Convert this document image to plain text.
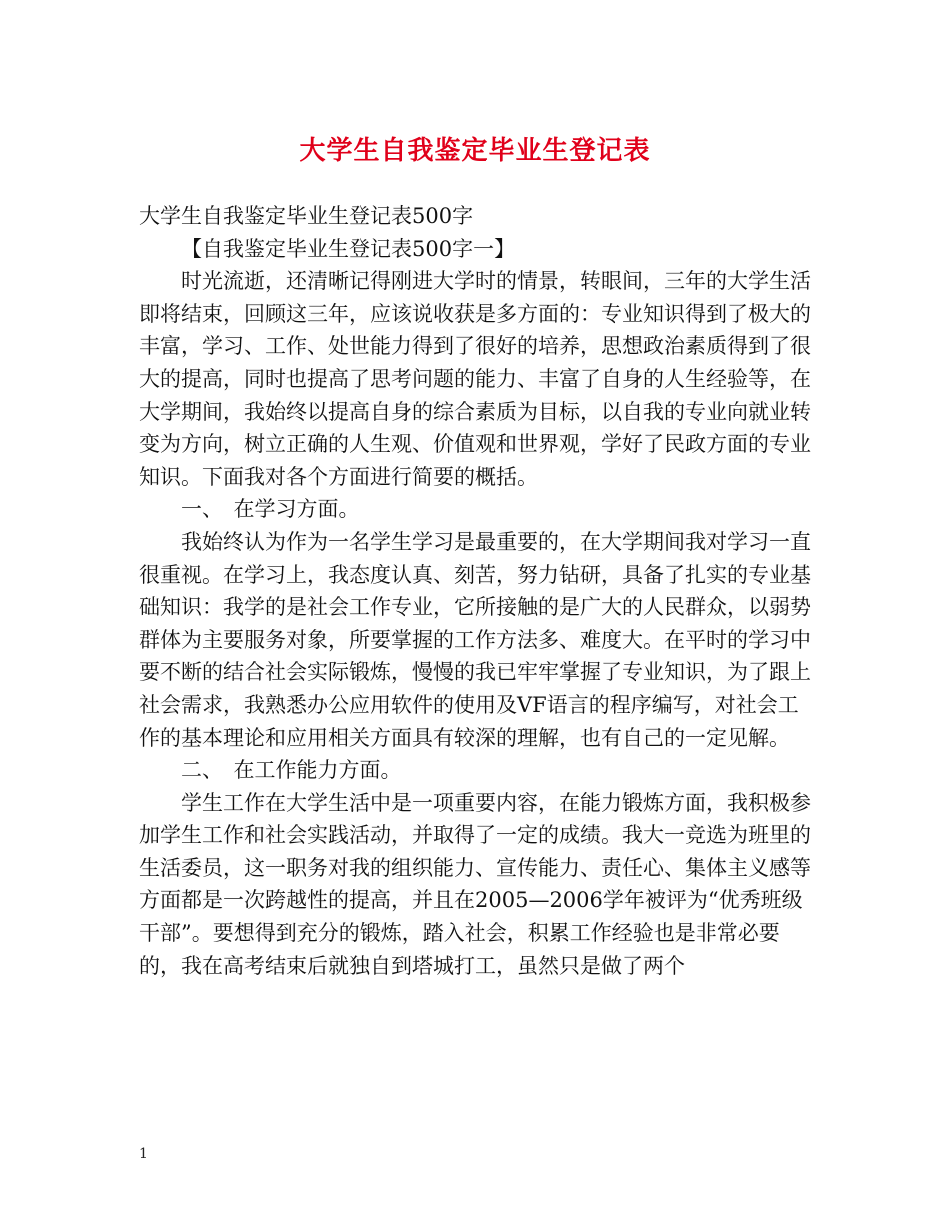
大学生自我鉴定毕业生登记表

大学生自我鉴定毕业生登记表500字

【自我鉴定毕业生登记表500字一】

时光流逝，还清晰记得刚进大学时的情景，转眼间，三年的大学生活即将结束，回顾这三年，应该说收获是多方面的：专业知识得到了极大的丰富，学习、工作、处世能力得到了很好的培养，思想政治素质得到了很大的提高，同时也提高了思考问题的能力、丰富了自身的人生经验等，在大学期间，我始终以提高自身的综合素质为目标，以自我的专业向就业转变为方向，树立正确的人生观、价值观和世界观，学好了民政方面的专业知识。下面我对各个方面进行简要的概括。

一、　在学习方面。

我始终认为作为一名学生学习是最重要的，在大学期间我对学习一直很重视。在学习上，我态度认真、刻苦，努力钻研，具备了扎实的专业基础知识：我学的是社会工作专业，它所接触的是广大的人民群众，以弱势群体为主要服务对象，所要掌握的工作方法多、难度大。在平时的学习中要不断的结合社会实际锻炼，慢慢的我已牢牢掌握了专业知识，为了跟上社会需求，我熟悉办公应用软件的使用及VF语言的程序编写，对社会工作的基本理论和应用相关方面具有较深的理解，也有自己的一定见解。

二、　在工作能力方面。

学生工作在大学生活中是一项重要内容，在能力锻炼方面，我积极参加学生工作和社会实践活动，并取得了一定的成绩。我大一竞选为班里的生活委员，这一职务对我的组织能力、宣传能力、责任心、集体主义感等方面都是一次跨越性的提高，并且在2005—2006学年被评为“优秀班级干部”。要想得到充分的锻炼，踏入社会，积累工作经验也是非常必要的，我在高考结束后就独自到塔城打工，虽然只是做了两个

1
